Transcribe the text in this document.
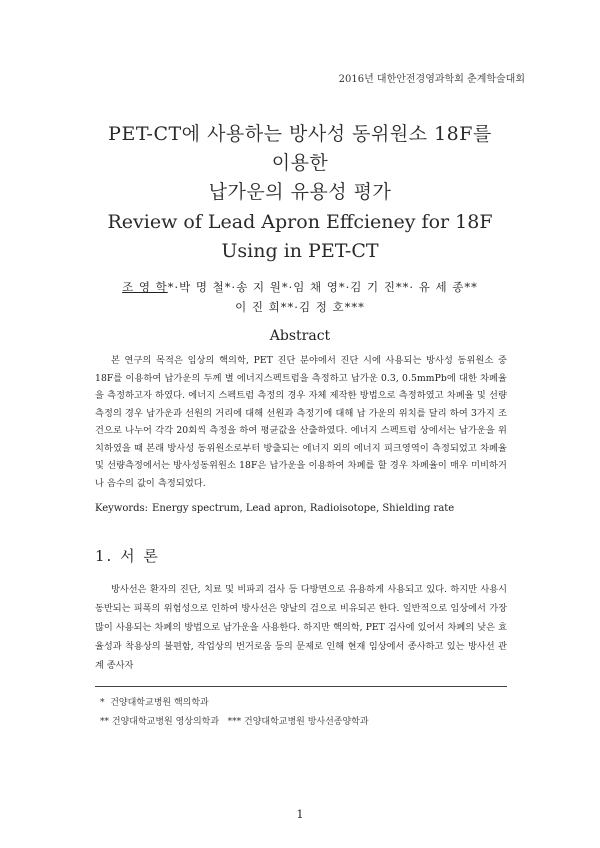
2016년 대한안전경영과학회 춘계학술대회
PET-CT에 사용하는 방사성 동위원소 18F를
이용한
납가운의 유용성 평가
Review of Lead Apron Effcieney for 18F
Using in PET-CT
조 영 학*·박 명 철*·송 지 원*·임 채 영*·김 기 진**· 유 세 종**
이 진 희**·김 정 호***
Abstract

본 연구의 목적은 임상의 핵의학, PET 진단 분야에서 진단 시에 사용되는 방사성 동위원소 중 18F를 이용하여 납가운의 두께 별 에너지스펙트럼을 측정하고 납가운 0.3, 0.5mmPb에 대한 차폐율을 측정하고자 하였다. 에너지 스펙트럼 측정의 경우 자체 제작한 방법으로 측정하였고 차폐율 및 선량 측정의 경우 납가운과 선원의 거리에 대해 선원과 측정기에 대해 납 가운의 위치를 달리 하여 3가지 조건으로 나누어 각각 20회씩 측정을 하여 평균값을 산출하였다. 에너지 스펙트럼 상에서는 납가운을 위치하였을 때 본래 방사성 동위원소로부터 방출되는 에너지 외의 에너지 피크영역이 측정되었고 차폐율 및 선량측정에서는 방사성동위원소 18F은 납가운을 이용하여 차폐를 할 경우 차폐율이 매우 미비하거나 음수의 값이 측정되었다.

Keywords: Energy spectrum, Lead apron, Radioisotope, Shielding rate
1. 서 론

방사선은 환자의 진단, 치료 및 비파괴 검사 등 다방면으로 유용하게 사용되고 있다. 하지만 사용시 동반되는 피폭의 위험성으로 인하여 방사선은 양날의 검으로 비유되곤 한다. 일반적으로 임상에서 가장 많이 사용되는 차폐의 방법으로 납가운을 사용한다. 하지만 핵의학, PET 검사에 있어서 차폐의 낮은 효율성과 착용상의 불편함, 작업상의 번거로움 등의 문제로 인해 현재 임상에서 종사하고 있는 방사선 관계 종사자

*  건양대학교병원 핵의학과
** 건양대학교병원 영상의학과   *** 건양대학교병원 방사선종양학과
1
